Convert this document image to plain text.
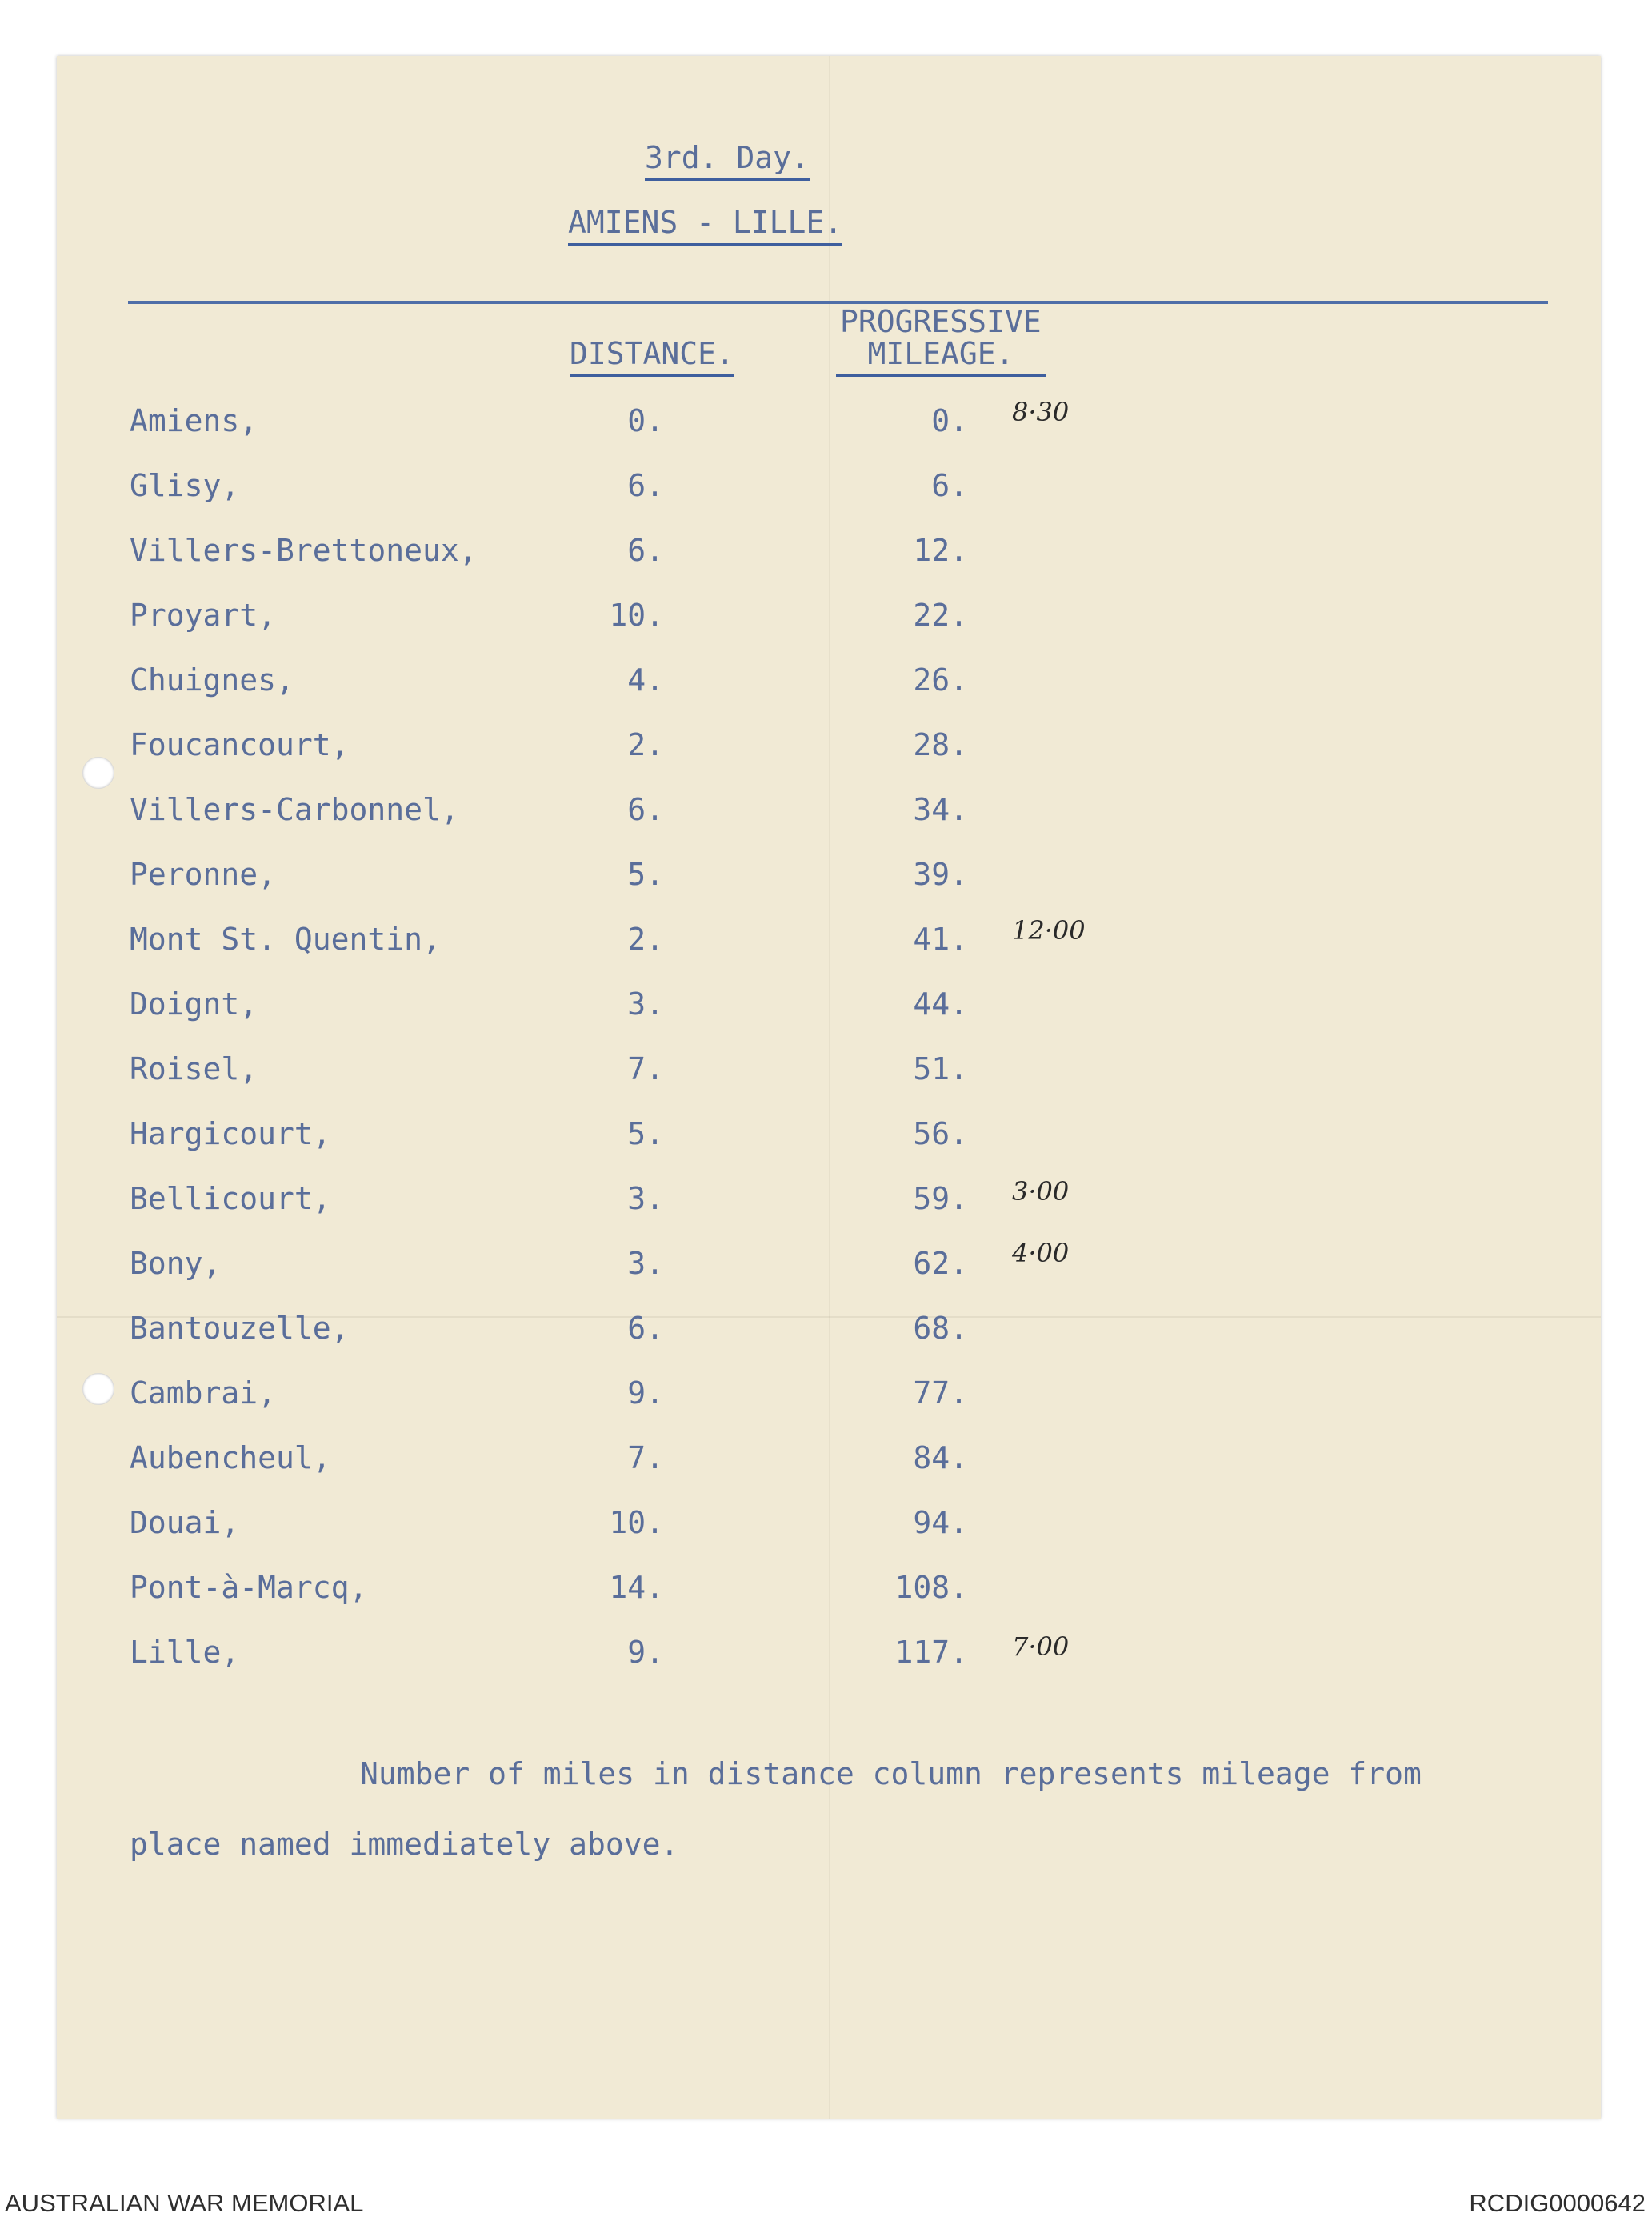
3rd. Day.
AMIENS - LILLE.
DISTANCE.
PROGRESSIVE
MILEAGE.
Amiens,	0.	0. 8·30
Glisy,	6.	6.
Villers-Brettoneux,	6.	12.
Proyart,	10.	22.
Chuignes,	4.	26.
Foucancourt,	2.	28.
Villers-Carbonnel,	6.	34.
Peronne,	5.	39.
Mont St. Quentin,	2.	41. 12·00
Doignt,	3.	44.
Roisel,	7.	51.
Hargicourt,	5.	56.
Bellicourt,	3.	59. 3·00
Bony,	3.	62. 4·00
Bantouzelle,	6.	68.
Cambrai,	9.	77.
Aubencheul,	7.	84.
Douai,	10.	94.
Pont-à-Marcq,	14.	108.
Lille,	9.	117. 7·00
Number of miles in distance column represents mileage from
place named immediately above.
AUSTRALIAN WAR MEMORIAL	RCDIG0000642
